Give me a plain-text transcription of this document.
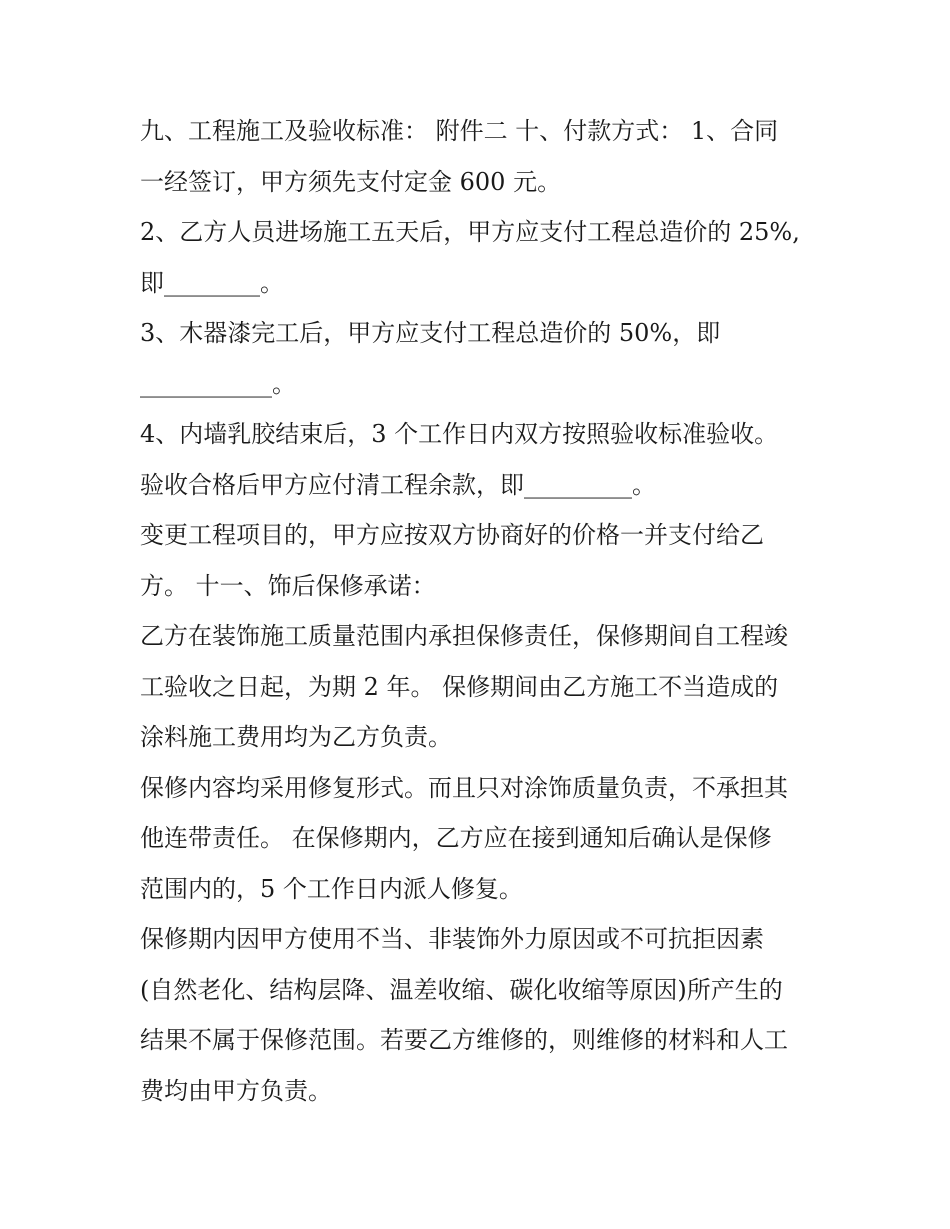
九、工程施工及验收标准： 附件二 十、付款方式： 1、合同
一经签订，甲方须先支付定金 600 元。
2、乙方人员进场施工五天后，甲方应支付工程总造价的 25%,
即________。
3、木器漆完工后，甲方应支付工程总造价的 50%，即
___________。
4、内墙乳胶结束后，3 个工作日内双方按照验收标准验收。
验收合格后甲方应付清工程余款，即_________。
变更工程项目的，甲方应按双方协商好的价格一并支付给乙
方。 十一、饰后保修承诺：
乙方在装饰施工质量范围内承担保修责任，保修期间自工程竣
工验收之日起，为期 2 年。 保修期间由乙方施工不当造成的
涂料施工费用均为乙方负责。
保修内容均采用修复形式。而且只对涂饰质量负责，不承担其
他连带责任。 在保修期内，乙方应在接到通知后确认是保修
范围内的，5 个工作日内派人修复。
保修期内因甲方使用不当、非装饰外力原因或不可抗拒因素
(自然老化、结构层降、温差收缩、碳化收缩等原因)所产生的
结果不属于保修范围。若要乙方维修的，则维修的材料和人工
费均由甲方负责。
